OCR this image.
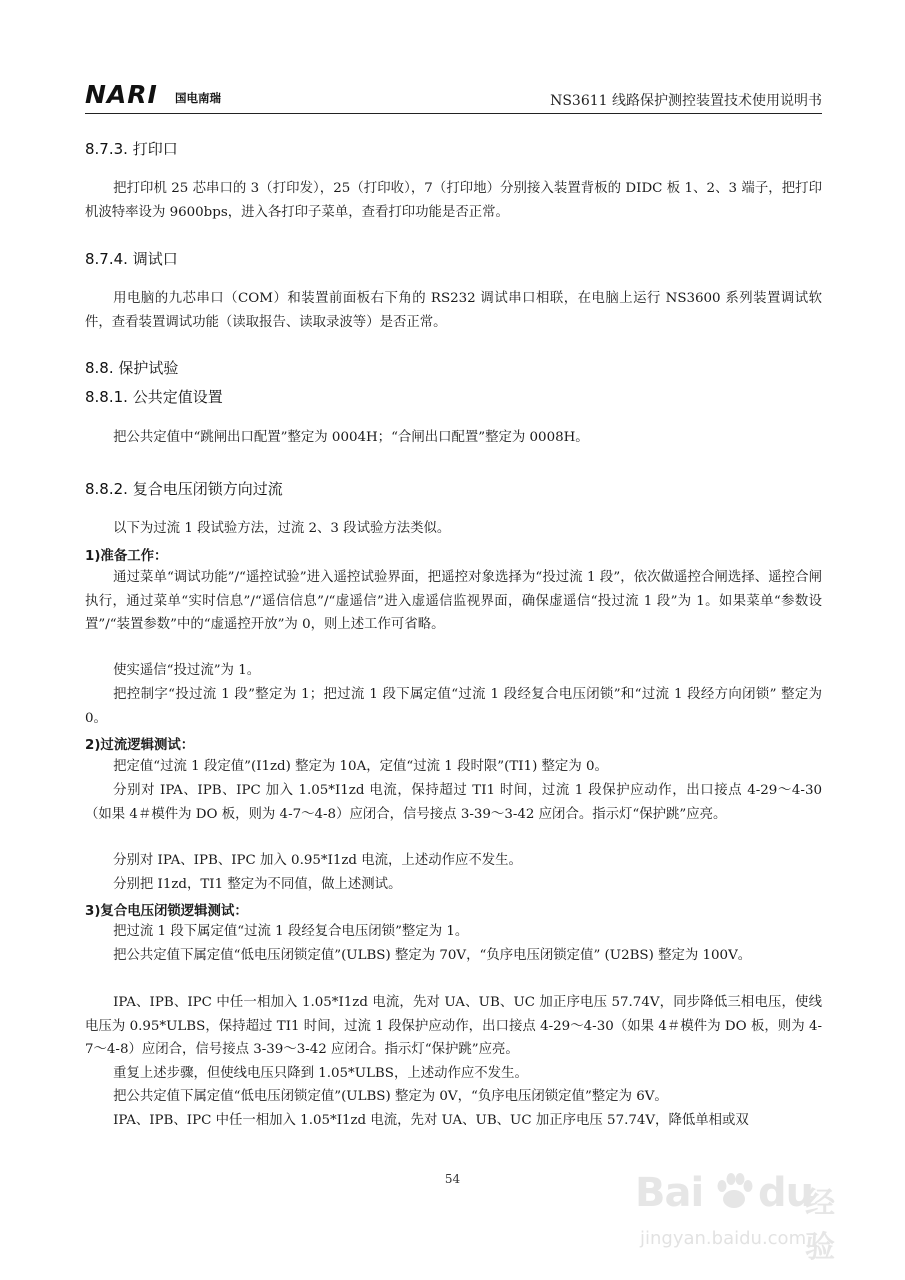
NARI 国电南瑞	NS3611 线路保护测控装置技术使用说明书
8.7.3. 打印口
把打印机 25 芯串口的 3（打印发），25（打印收），7（打印地）分别接入装置背板的 DIDC 板 1、2、3 端子，把打印机波特率设为 9600bps，进入各打印子菜单，查看打印功能是否正常。
8.7.4. 调试口
用电脑的九芯串口（COM）和装置前面板右下角的 RS232 调试串口相联，在电脑上运行 NS3600 系列装置调试软件，查看装置调试功能（读取报告、读取录波等）是否正常。
8.8. 保护试验
8.8.1. 公共定值设置
把公共定值中“跳闸出口配置”整定为 0004H；“合闸出口配置”整定为 0008H。
8.8.2. 复合电压闭锁方向过流
以下为过流 1 段试验方法，过流 2、3 段试验方法类似。
1)准备工作：
通过菜单“调试功能”/“遥控试验”进入遥控试验界面，把遥控对象选择为“投过流 1 段”，依次做遥控合闸选择、遥控合闸执行，通过菜单“实时信息”/“遥信信息”/“虚遥信”进入虚遥信监视界面，确保虚遥信“投过流 1 段”为 1。如果菜单“参数设置”/“装置参数”中的“虚遥控开放”为 0，则上述工作可省略。
使实遥信“投过流”为 1。
把控制字“投过流 1 段”整定为 1；把过流 1 段下属定值“过流 1 段经复合电压闭锁”和“过流 1 段经方向闭锁” 整定为 0。
2)过流逻辑测试：
把定值“过流 1 段定值”(I1zd) 整定为 10A，定值“过流 1 段时限”(TI1) 整定为 0。
分别对 IPA、IPB、IPC 加入 1.05*I1zd 电流，保持超过 TI1 时间，过流 1 段保护应动作，出口接点 4-29～4-30（如果 4＃模件为 DO 板，则为 4-7～4-8）应闭合，信号接点 3-39～3-42 应闭合。指示灯“保护跳”应亮。
分别对 IPA、IPB、IPC 加入 0.95*I1zd 电流，上述动作应不发生。
分别把 I1zd，TI1 整定为不同值，做上述测试。
3)复合电压闭锁逻辑测试：
把过流 1 段下属定值“过流 1 段经复合电压闭锁”整定为 1。
把公共定值下属定值“低电压闭锁定值”(ULBS) 整定为 70V，“负序电压闭锁定值” (U2BS) 整定为 100V。
IPA、IPB、IPC 中任一相加入 1.05*I1zd 电流，先对 UA、UB、UC 加正序电压 57.74V，同步降低三相电压，使线电压为 0.95*ULBS，保持超过 TI1 时间，过流 1 段保护应动作，出口接点 4-29～4-30（如果 4＃模件为 DO 板，则为 4-7～4-8）应闭合，信号接点 3-39～3-42 应闭合。指示灯“保护跳”应亮。
重复上述步骤，但使线电压只降到 1.05*ULBS，上述动作应不发生。
把公共定值下属定值“低电压闭锁定值”(ULBS) 整定为 0V，“负序电压闭锁定值”整定为 6V。
IPA、IPB、IPC 中任一相加入 1.05*I1zd 电流，先对 UA、UB、UC 加正序电压 57.74V，降低单相或双
54	Bai du
经验
jingyan.baidu.com
